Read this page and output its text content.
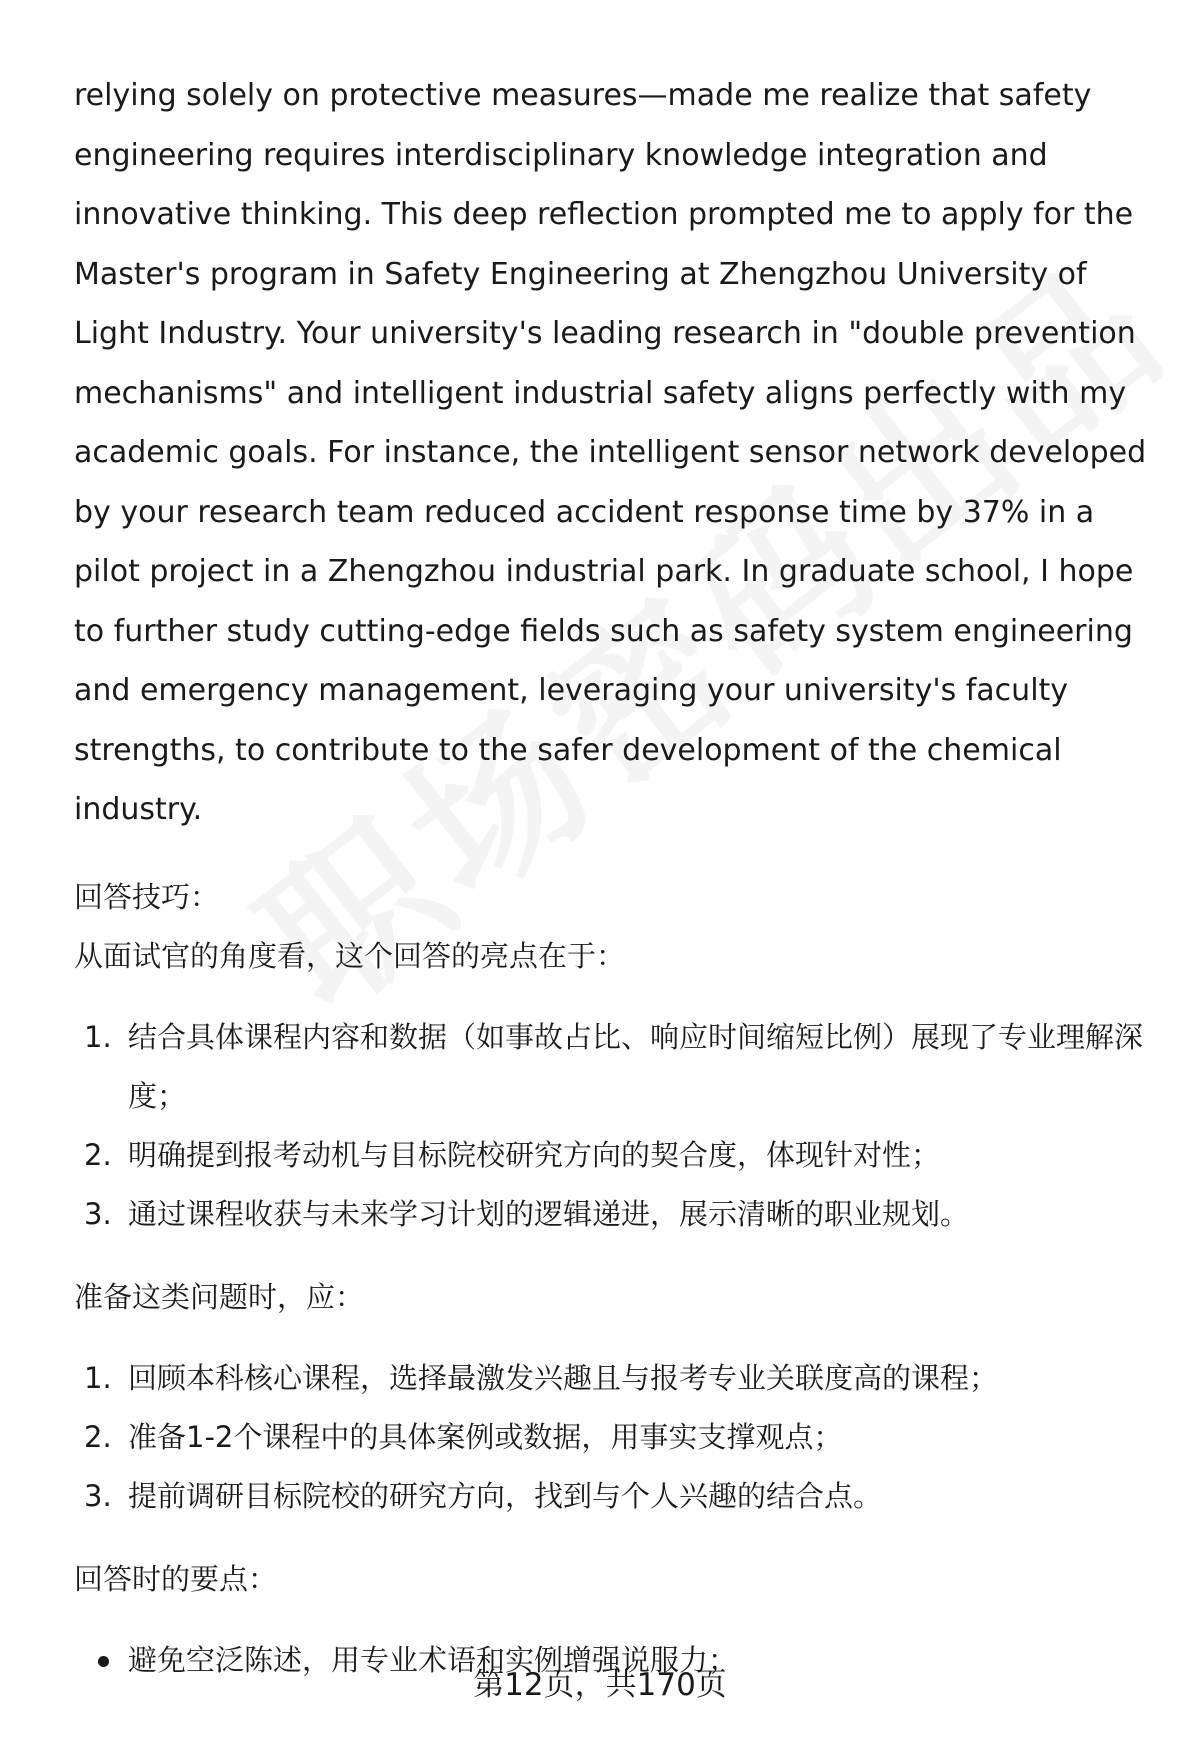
relying solely on protective measures—made me realize that safety engineering requires interdisciplinary knowledge integration and innovative thinking. This deep reflection prompted me to apply for the Master's program in Safety Engineering at Zhengzhou University of Light Industry. Your university's leading research in "double prevention mechanisms" and intelligent industrial safety aligns perfectly with my academic goals. For instance, the intelligent sensor network developed by your research team reduced accident response time by 37% in a pilot project in a Zhengzhou industrial park. In graduate school, I hope to further study cutting-edge fields such as safety system engineering and emergency management, leveraging your university's faculty strengths, to contribute to the safer development of the chemical industry.

回答技巧：

从面试官的角度看，这个回答的亮点在于：

1. 结合具体课程内容和数据（如事故占比、响应时间缩短比例）展现了专业理解深度；
2. 明确提到报考动机与目标院校研究方向的契合度，体现针对性；
3. 通过课程收获与未来学习计划的逻辑递进，展示清晰的职业规划。

准备这类问题时，应：

1. 回顾本科核心课程，选择最激发兴趣且与报考专业关联度高的课程；
2. 准备1-2个课程中的具体案例或数据，用事实支撑观点；
3. 提前调研目标院校的研究方向，找到与个人兴趣的结合点。

回答时的要点：

避免空泛陈述，用专业术语和实例增强说服力；
第12页，共170页
